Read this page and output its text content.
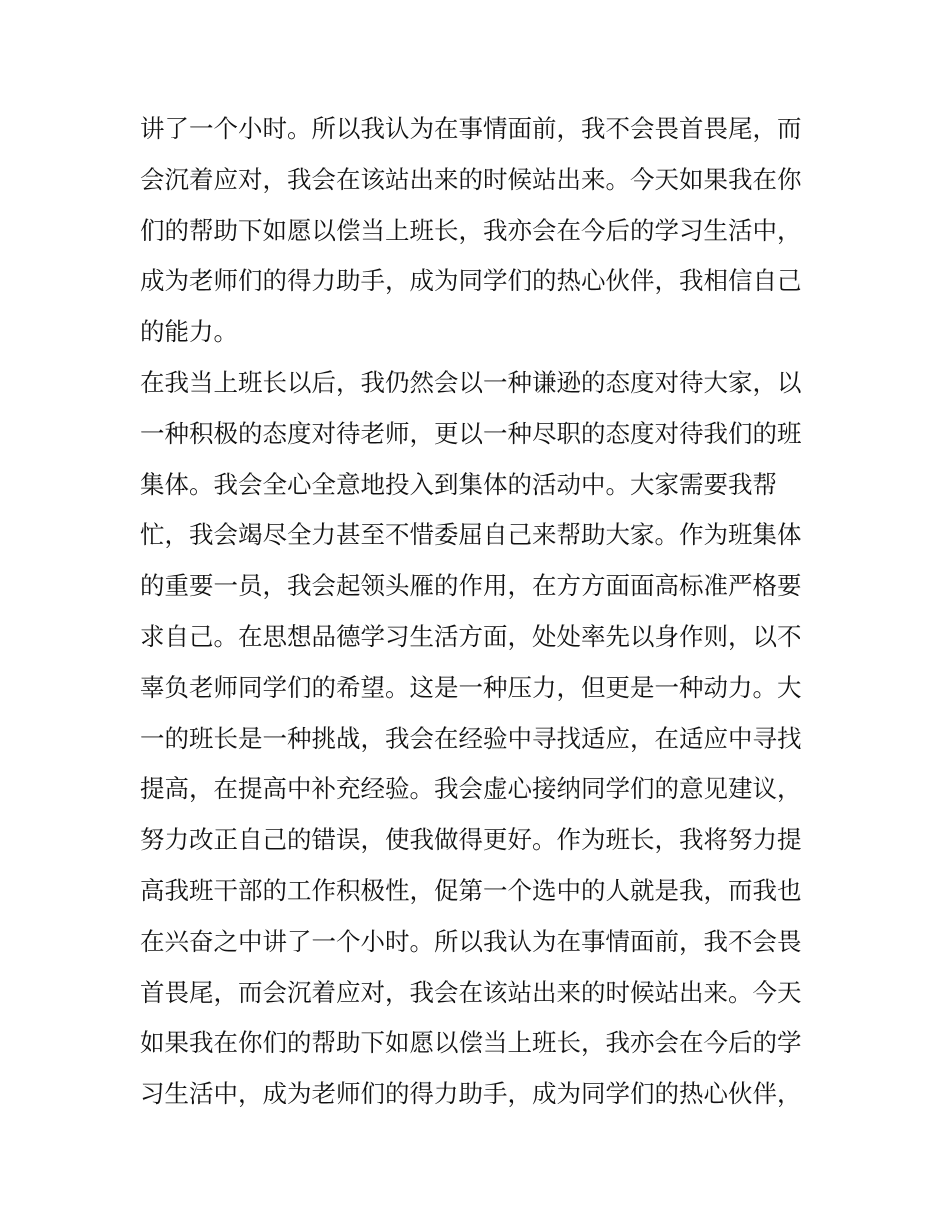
讲了一个小时。所以我认为在事情面前，我不会畏首畏尾，而
会沉着应对，我会在该站出来的时候站出来。今天如果我在你
们的帮助下如愿以偿当上班长，我亦会在今后的学习生活中，
成为老师们的得力助手，成为同学们的热心伙伴，我相信自己
的能力。
在我当上班长以后，我仍然会以一种谦逊的态度对待大家，以
一种积极的态度对待老师，更以一种尽职的态度对待我们的班
集体。我会全心全意地投入到集体的活动中。大家需要我帮
忙，我会竭尽全力甚至不惜委屈自己来帮助大家。作为班集体
的重要一员，我会起领头雁的作用，在方方面面高标准严格要
求自己。在思想品德学习生活方面，处处率先以身作则，以不
辜负老师同学们的希望。这是一种压力，但更是一种动力。大
一的班长是一种挑战，我会在经验中寻找适应，在适应中寻找
提高，在提高中补充经验。我会虚心接纳同学们的意见建议，
努力改正自己的错误，使我做得更好。作为班长，我将努力提
高我班干部的工作积极性，促第一个选中的人就是我，而我也
在兴奋之中讲了一个小时。所以我认为在事情面前，我不会畏
首畏尾，而会沉着应对，我会在该站出来的时候站出来。今天
如果我在你们的帮助下如愿以偿当上班长，我亦会在今后的学
习生活中，成为老师们的得力助手，成为同学们的热心伙伴，
